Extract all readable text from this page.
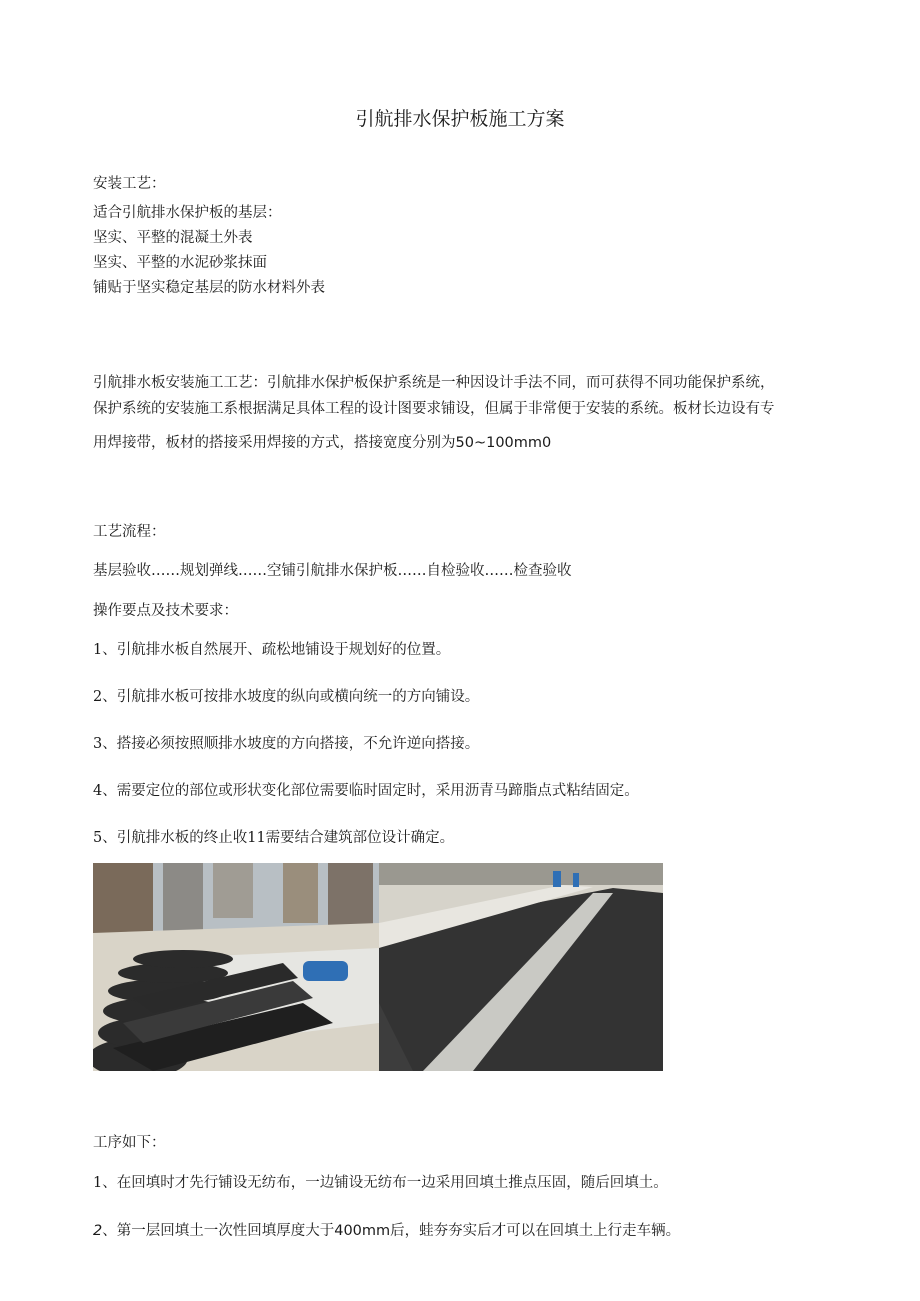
引航排水保护板施工方案
安装工艺：
适合引航排水保护板的基层：
坚实、平整的混凝土外表
坚实、平整的水泥砂浆抹面
铺贴于坚实稳定基层的防水材料外表
引航排水板安装施工工艺：引航排水保护板保护系统是一种因设计手法不同，而可获得不同功能保护系统，
保护系统的安装施工系根据满足具体工程的设计图要求铺设，但属于非常便于安装的系统。板材长边设有专
用焊接带，板材的搭接采用焊接的方式，搭接宽度分别为50~100mm0
工艺流程：
基层验收……规划弹线……空铺引航排水保护板……自检验收……检查验收
操作要点及技术要求：
1、引航排水板自然展开、疏松地铺设于规划好的位置。
2、引航排水板可按排水坡度的纵向或横向统一的方向铺设。
3、搭接必须按照顺排水坡度的方向搭接，不允许逆向搭接。
4、需要定位的部位或形状变化部位需要临时固定时，采用沥青马蹄脂点式粘结固定。
5、引航排水板的终止收11需要结合建筑部位设计确定。
工序如下：
1、在回填时才先行铺设无纺布，一边铺设无纺布一边采用回填土推点压固，随后回填土。
2、第一层回填土一次性回填厚度大于400mm后，蛙夯夯实后才可以在回填土上行走车辆。
